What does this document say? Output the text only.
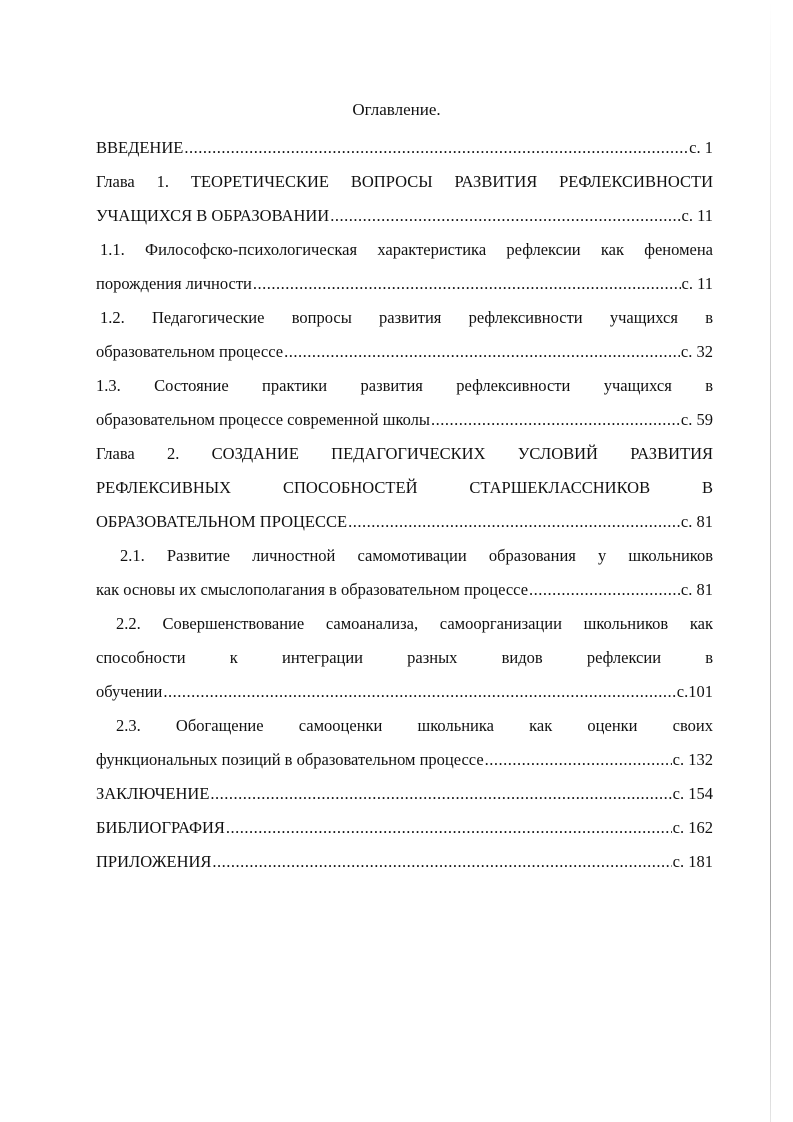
Оглавление.
ВВЕДЕНИЕ .....	с. 1
Глава 1. ТЕОРЕТИЧЕСКИЕ ВОПРОСЫ РАЗВИТИЯ РЕФЛЕКСИВНОСТИ
УЧАЩИХСЯ В ОБРАЗОВАНИИ .....	с. 11
1.1. Философско-психологическая характеристика рефлексии как феномена
порождения личности .....	с. 11
1.2. Педагогические вопросы развития рефлексивности учащихся в
образовательном процессе .....	с. 32
1.3. Состояние практики развития рефлексивности учащихся в
образовательном процессе современной школы .....	с. 59
Глава 2. СОЗДАНИЕ ПЕДАГОГИЧЕСКИХ УСЛОВИЙ РАЗВИТИЯ
РЕФЛЕКСИВНЫХ СПОСОБНОСТЕЙ СТАРШЕКЛАССНИКОВ В
ОБРАЗОВАТЕЛЬНОМ ПРОЦЕССЕ .....	с. 81
2.1. Развитие личностной самомотивации образования у школьников
как основы их смыслополагания в образовательном процессе .....	с. 81
2.2. Совершенствование самоанализа, самоорганизации школьников как
способности к интеграции разных видов рефлексии в
обучении .....	с.101
2.3. Обогащение самооценки школьника как оценки своих
функциональных позиций в образовательном процессе .....	с. 132
ЗАКЛЮЧЕНИЕ .....	с. 154
БИБЛИОГРАФИЯ .....	с. 162
ПРИЛОЖЕНИЯ .....	с. 181
